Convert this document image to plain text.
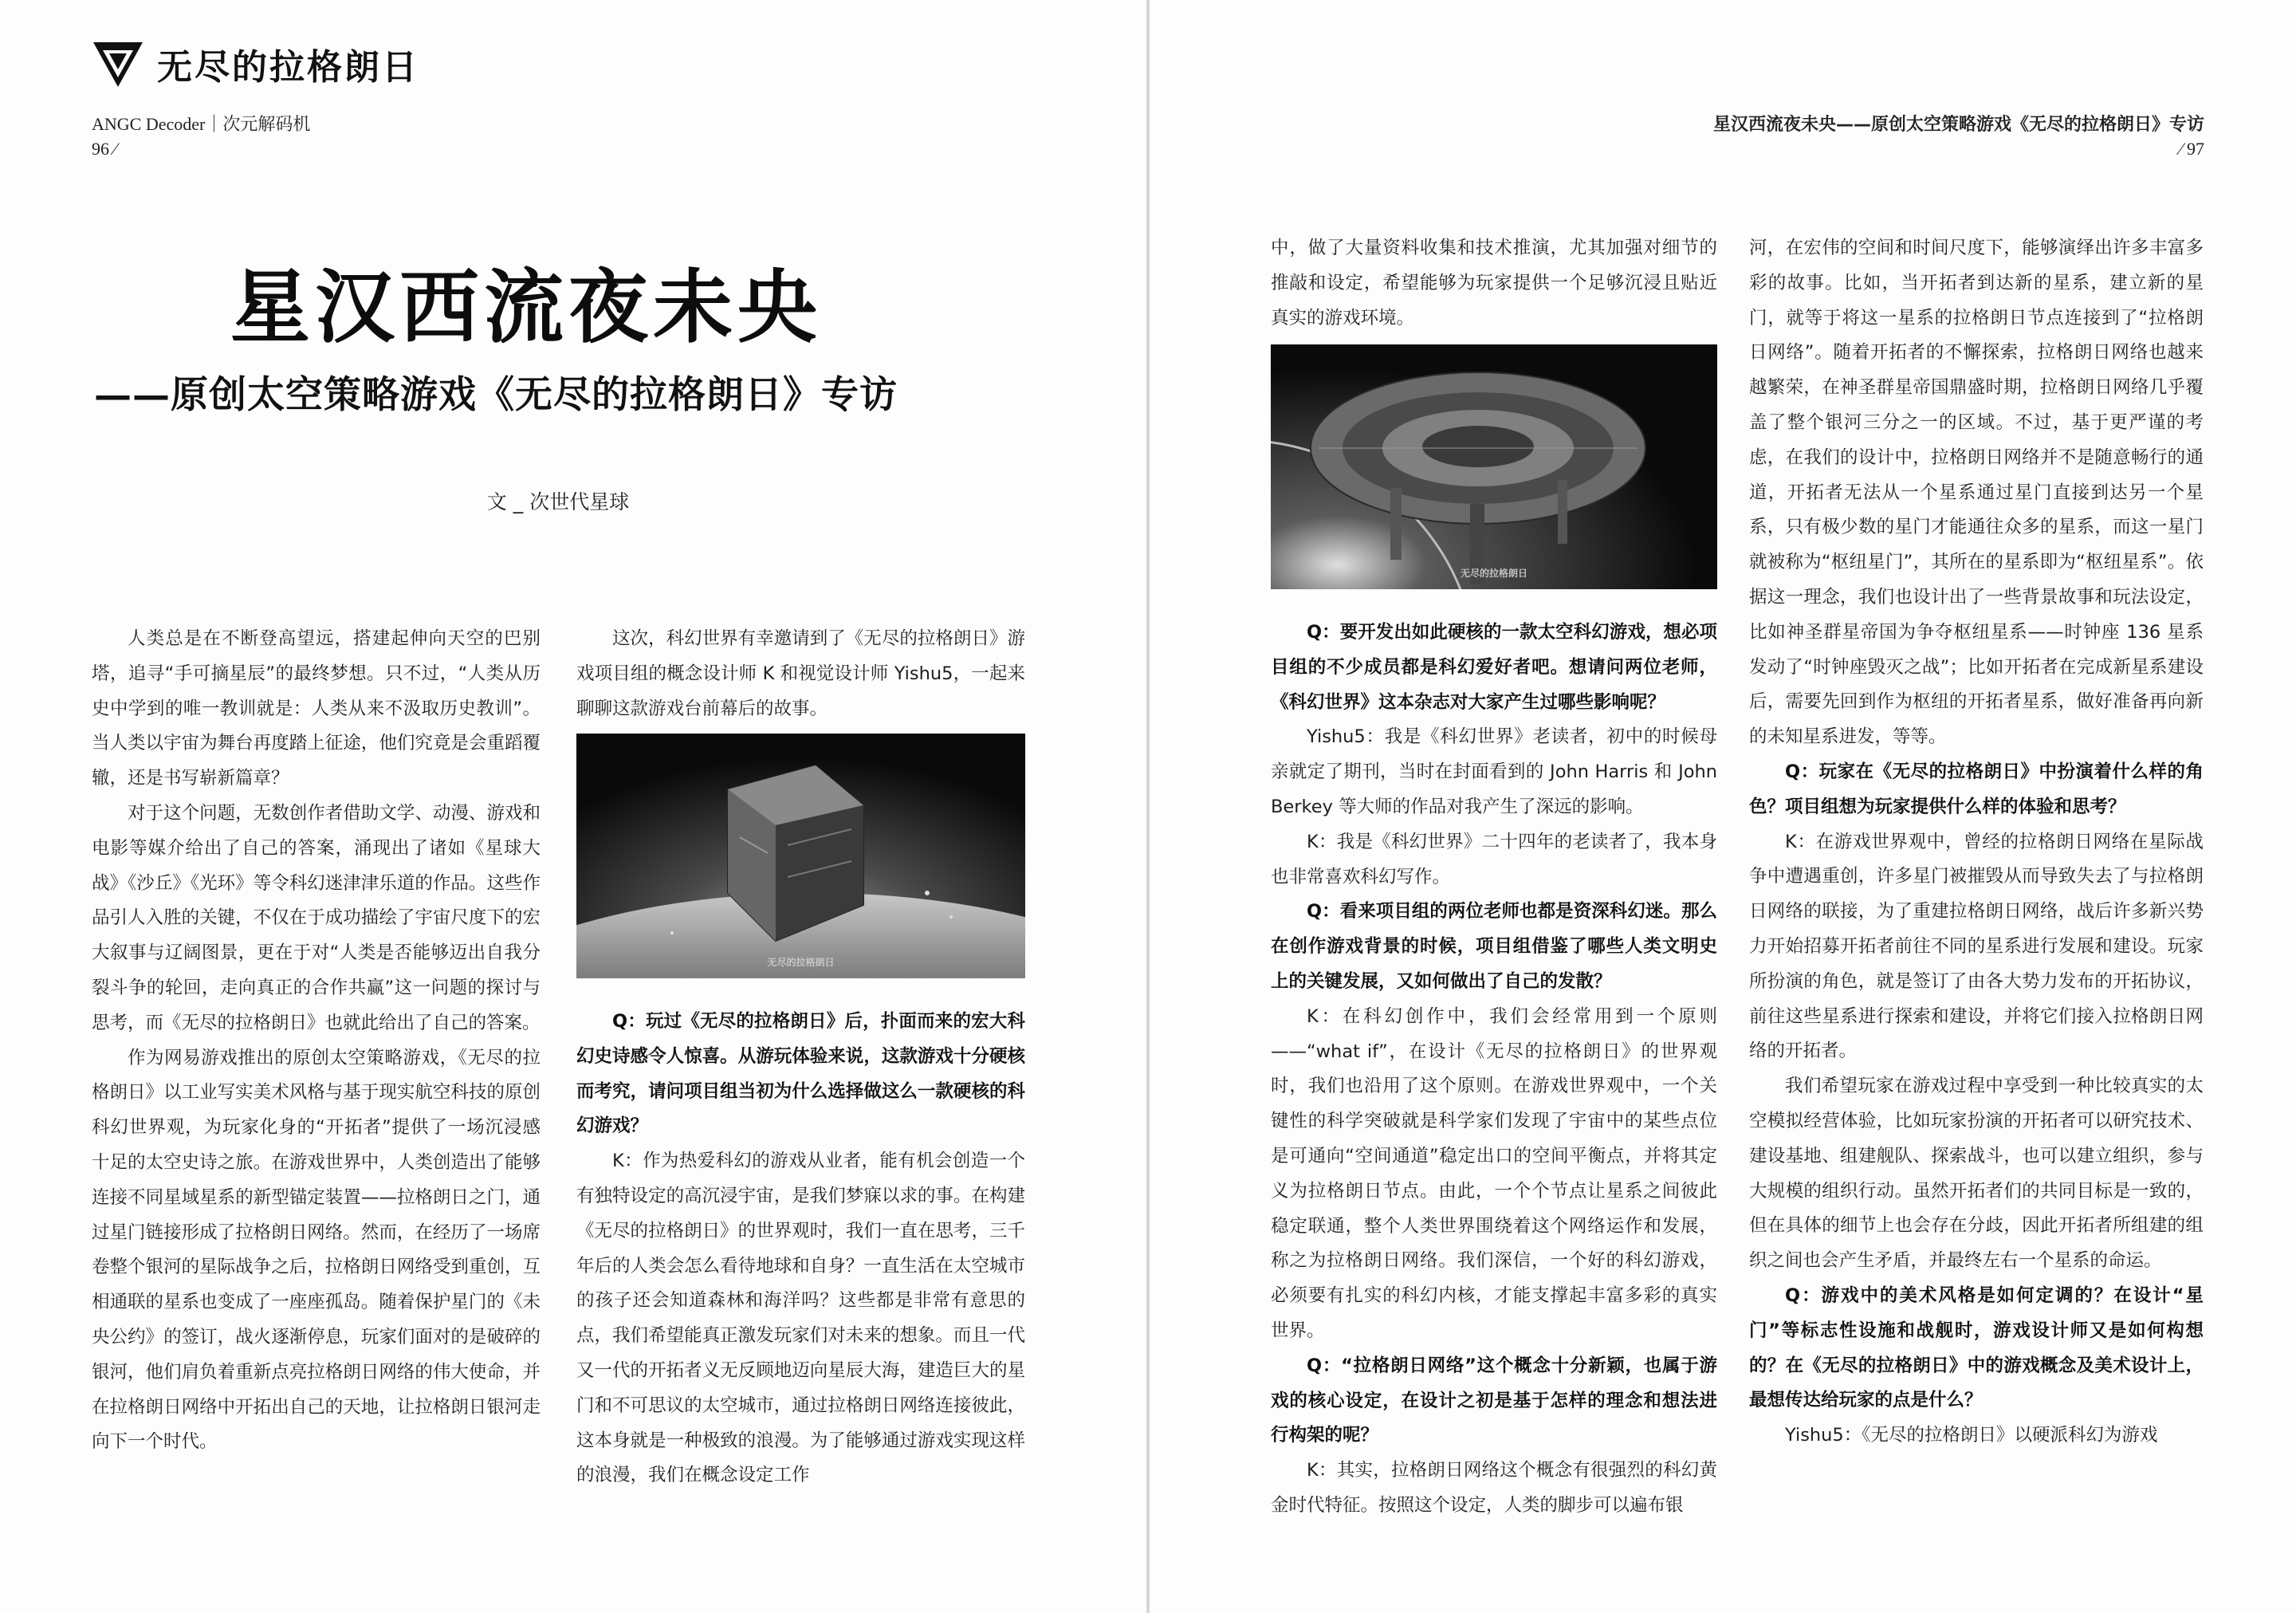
无尽的拉格朗日
ANGC Decoder｜次元解码机
96 ⁄
星汉西流夜未央
——原创太空策略游戏《无尽的拉格朗日》专访
文 _ 次世代星球

人类总是在不断登高望远，搭建起伸向天空的巴别塔，追寻“手可摘星辰”的最终梦想。只不过，“人类从历史中学到的唯一教训就是：人类从来不汲取历史教训”。当人类以宇宙为舞台再度踏上征途，他们究竟是会重蹈覆辙，还是书写崭新篇章？

对于这个问题，无数创作者借助文学、动漫、游戏和电影等媒介给出了自己的答案，涌现出了诸如《星球大战》《沙丘》《光环》等令科幻迷津津乐道的作品。这些作品引人入胜的关键，不仅在于成功描绘了宇宙尺度下的宏大叙事与辽阔图景，更在于对“人类是否能够迈出自我分裂斗争的轮回，走向真正的合作共赢”这一问题的探讨与思考，而《无尽的拉格朗日》也就此给出了自己的答案。

作为网易游戏推出的原创太空策略游戏，《无尽的拉格朗日》以工业写实美术风格与基于现实航空科技的原创科幻世界观，为玩家化身的“开拓者”提供了一场沉浸感十足的太空史诗之旅。在游戏世界中，人类创造出了能够连接不同星域星系的新型锚定装置——拉格朗日之门，通过星门链接形成了拉格朗日网络。然而，在经历了一场席卷整个银河的星际战争之后，拉格朗日网络受到重创，互相通联的星系也变成了一座座孤岛。随着保护星门的《未央公约》的签订，战火逐渐停息，玩家们面对的是破碎的银河，他们肩负着重新点亮拉格朗日网络的伟大使命，并在拉格朗日网络中开拓出自己的天地，让拉格朗日银河走向下一个时代。

这次，科幻世界有幸邀请到了《无尽的拉格朗日》游戏项目组的概念设计师 K 和视觉设计师 Yishu5，一起来聊聊这款游戏台前幕后的故事。

无尽的拉格朗日

Q：玩过《无尽的拉格朗日》后，扑面而来的宏大科幻史诗感令人惊喜。从游玩体验来说，这款游戏十分硬核而考究，请问项目组当初为什么选择做这么一款硬核的科幻游戏？

K：作为热爱科幻的游戏从业者，能有机会创造一个有独特设定的高沉浸宇宙，是我们梦寐以求的事。在构建《无尽的拉格朗日》的世界观时，我们一直在思考，三千年后的人类会怎么看待地球和自身？一直生活在太空城市的孩子还会知道森林和海洋吗？这些都是非常有意思的点，我们希望能真正激发玩家们对未来的想象。而且一代又一代的开拓者义无反顾地迈向星辰大海，建造巨大的星门和不可思议的太空城市，通过拉格朗日网络连接彼此，这本身就是一种极致的浪漫。为了能够通过游戏实现这样的浪漫，我们在概念设定工作

星汉西流夜未央——原创太空策略游戏《无尽的拉格朗日》专访
⁄ 97

中，做了大量资料收集和技术推演，尤其加强对细节的推敲和设定，希望能够为玩家提供一个足够沉浸且贴近真实的游戏环境。

无尽的拉格朗日

Q：要开发出如此硬核的一款太空科幻游戏，想必项目组的不少成员都是科幻爱好者吧。想请问两位老师，《科幻世界》这本杂志对大家产生过哪些影响呢？

Yishu5：我是《科幻世界》老读者，初中的时候母亲就定了期刊，当时在封面看到的 John Harris 和 John Berkey 等大师的作品对我产生了深远的影响。

K：我是《科幻世界》二十四年的老读者了，我本身也非常喜欢科幻写作。

Q：看来项目组的两位老师也都是资深科幻迷。那么在创作游戏背景的时候，项目组借鉴了哪些人类文明史上的关键发展，又如何做出了自己的发散？

K：在科幻创作中，我们会经常用到一个原则——“what if”，在设计《无尽的拉格朗日》的世界观时，我们也沿用了这个原则。在游戏世界观中，一个关键性的科学突破就是科学家们发现了宇宙中的某些点位是可通向“空间通道”稳定出口的空间平衡点，并将其定义为拉格朗日节点。由此，一个个节点让星系之间彼此稳定联通，整个人类世界围绕着这个网络运作和发展，称之为拉格朗日网络。我们深信，一个好的科幻游戏，必须要有扎实的科幻内核，才能支撑起丰富多彩的真实世界。

Q：“拉格朗日网络”这个概念十分新颖，也属于游戏的核心设定，在设计之初是基于怎样的理念和想法进行构架的呢？

K：其实，拉格朗日网络这个概念有很强烈的科幻黄金时代特征。按照这个设定，人类的脚步可以遍布银

河，在宏伟的空间和时间尺度下，能够演绎出许多丰富多彩的故事。比如，当开拓者到达新的星系，建立新的星门，就等于将这一星系的拉格朗日节点连接到了“拉格朗日网络”。随着开拓者的不懈探索，拉格朗日网络也越来越繁荣，在神圣群星帝国鼎盛时期，拉格朗日网络几乎覆盖了整个银河三分之一的区域。不过，基于更严谨的考虑，在我们的设计中，拉格朗日网络并不是随意畅行的通道，开拓者无法从一个星系通过星门直接到达另一个星系，只有极少数的星门才能通往众多的星系，而这一星门就被称为“枢纽星门”，其所在的星系即为“枢纽星系”。依据这一理念，我们也设计出了一些背景故事和玩法设定，比如神圣群星帝国为争夺枢纽星系——时钟座 136 星系发动了“时钟座毁灭之战”；比如开拓者在完成新星系建设后，需要先回到作为枢纽的开拓者星系，做好准备再向新的未知星系进发，等等。

Q：玩家在《无尽的拉格朗日》中扮演着什么样的角色？项目组想为玩家提供什么样的体验和思考？

K：在游戏世界观中，曾经的拉格朗日网络在星际战争中遭遇重创，许多星门被摧毁从而导致失去了与拉格朗日网络的联接，为了重建拉格朗日网络，战后许多新兴势力开始招募开拓者前往不同的星系进行发展和建设。玩家所扮演的角色，就是签订了由各大势力发布的开拓协议，前往这些星系进行探索和建设，并将它们接入拉格朗日网络的开拓者。

我们希望玩家在游戏过程中享受到一种比较真实的太空模拟经营体验，比如玩家扮演的开拓者可以研究技术、建设基地、组建舰队、探索战斗，也可以建立组织，参与大规模的组织行动。虽然开拓者们的共同目标是一致的，但在具体的细节上也会存在分歧，因此开拓者所组建的组织之间也会产生矛盾，并最终左右一个星系的命运。

Q：游戏中的美术风格是如何定调的？在设计“星门”等标志性设施和战舰时，游戏设计师又是如何构想的？在《无尽的拉格朗日》中的游戏概念及美术设计上，最想传达给玩家的点是什么？

Yishu5：《无尽的拉格朗日》以硬派科幻为游戏
